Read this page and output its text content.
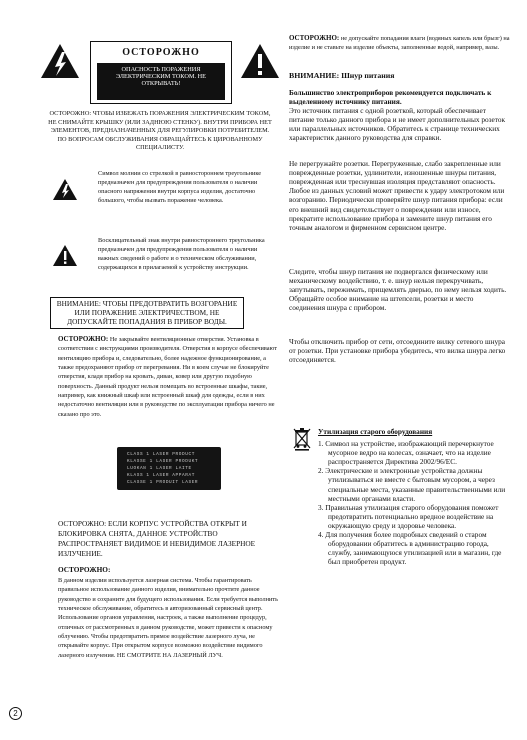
ОСТОРОЖНО
ОПАСНОСТЬ ПОРАЖЕНИЯ ЭЛЕКТРИЧЕСКИМ ТОКОМ. НЕ ОТКРЫВАТЬ!
ОСТОРОЖНО: ЧТОБЫ ИЗБЕЖАТЬ ПОРАЖЕНИЯ ЭЛЕКТРИЧЕСКИМ ТОКОМ, НЕ СНИМАЙТЕ КРЫШКУ (ИЛИ ЗАДНЮЮ СТЕНКУ). ВНУТРИ ПРИБОРА НЕТ ЭЛЕМЕНТОВ, ПРЕДНАЗНАЧЕННЫХ ДЛЯ РЕГУЛИРОВКИ ПОТРЕБИТЕЛЕМ. ПО ВОПРОСАМ ОБСЛУЖИВАНИЯ ОБРАЩАЙТЕСЬ К ЦИРОВАННОМУ СПЕЦИАЛИСТУ.
Символ молнии со стрелкой в равностороннем треугольнике предназначен для предупреждения пользователя о наличии опасного напряжения внутри корпуса изделия, достаточно большого, чтобы вызвать поражение человека.
Восклицательный знак внутри равностороннего треугольника предназначен для предупреждения пользователя о наличии важных сведений о работе и о техническом обслуживании, содержащихся в прилагаемой к устройству инструкции.
ВНИМАНИЕ: ЧТОБЫ ПРЕДОТВРАТИТЬ ВОЗГОРАНИЕ ИЛИ ПОРАЖЕНИЕ ЭЛЕКТРИЧЕСТВОМ, НЕ ДОПУСКАЙТЕ ПОПАДАНИЯ В ПРИБОР ВОДЫ.
ОСТОРОЖНО: Не закрывайте вентиляционные отверстия. Установка в соответствии с инструкциями производителя. Отверстия в корпусе обеспечивают вентиляцию прибора и, следовательно, более надежное функционирование, а также предохраняют прибор от перегревания. Ни в коем случае не блокируйте отверстия, кладя прибор на кровать, диван, ковер или другую подобную поверхность. Данный продукт нельзя помещать во встроенные шкафы, такие, например, как книжный шкаф или встроенный шкаф для одежды, если в них недостаточно вентиляции или в руководстве по эксплуатации прибора ничего не сказано про это.
CLASS 1 LASER PRODUCT
KLASSE 1 LASER PRODUKT
LUOKAN 1 LASER LAITE
KLASS 1 LASER APPARAT
CLASSE 1 PRODUIT LASER
ОСТОРОЖНО: ЕСЛИ КОРПУС УСТРОЙСТВА ОТКРЫТ И БЛОКИРОВКА СНЯТА, ДАННОЕ УСТРОЙСТВО РАСПРОСТРАНЯЕТ ВИДИМОЕ И НЕВИДИМОЕ ЛАЗЕРНОЕ ИЗЛУЧЕНИЕ.
ОСТОРОЖНО:
В данном изделии используется лазерная система. Чтобы гарантировать правильное использование данного изделия, внимательно прочтите данное руководство и сохраните для будущего использования. Если требуется выполнить техническое обслуживание, обратитесь в авторизованный сервисный центр. Использование органов управления, настроек, а также выполнение процедур, отличных от рассмотренных в данном руководстве, может привести к опасному облучению. Чтобы предотвратить прямое воздействие лазерного луча, не открывайте корпус. При открытом корпусе возможно воздействие видимого лазерного излучения. НЕ СМОТРИТЕ НА ЛАЗЕРНЫЙ ЛУЧ.
ОСТОРОЖНО: не допускайте попадания влаги (водяных капель или брызг) на изделие и не ставьте на изделие объекты, заполненные водой, например, вазы.
ВНИМАНИЕ: Шнур питания
Большинство электроприборов рекомендуется подключать к выделенному источнику питания.
Это источник питания с одной розеткой, который обеспечивает питание только данного прибора и не имеет дополнительных розеток или параллельных источников. Обратитесь к странице технических характеристик данного руководства для справки.
Не перегружайте розетки. Перегруженные, слабо закрепленные или поврежденные розетки, удлинители, изношенные шнуры питания, поврежденная или треснувшая изоляция представляют опасность. Любое из данных условий может привести к удару электротоком или возгоранию. Периодически проверяйте шнур питания прибора: если его внешний вид свидетельствует о повреждении или износе, прекратите использование прибора и замените шнур питания его точным аналогом и фирменном сервисном центре.
Следите, чтобы шнур питания не подвергался физическому или механическому воздействию, т. е. шнур нельзя перекручивать, запутывать, пережимать, прищемлять дверью, по нему нельзя ходить. Обращайте особое внимание на штепсели, розетки и место соединения шнура с прибором.
Чтобы отключить прибор от сети, отсоедините вилку сетевого шнура от розетки. При установке прибора убедитесь, что вилка шнура легко отсоединяется.
Утилизация старого оборудования
1. Символ на устройстве, изображающий перечеркнутое мусорное ведро на колесах, означает, что на изделие распространяется Директива 2002/96/EC.
2. Электрические и электронные устройства должны утилизываться не вместе с бытовым мусором, а через специальные места, указанные правительственными или местными органами власти.
3. Правильная утилизация старого оборудования поможет предотвратить потенциально вредное воздействие на окружающую среду и здоровье человека.
4. Для получения более подробных сведений о старом оборудовании обратитесь в администрацию города, службу, занимающуюся утилизацией или в магазин, где был приобретен продукт.
2
